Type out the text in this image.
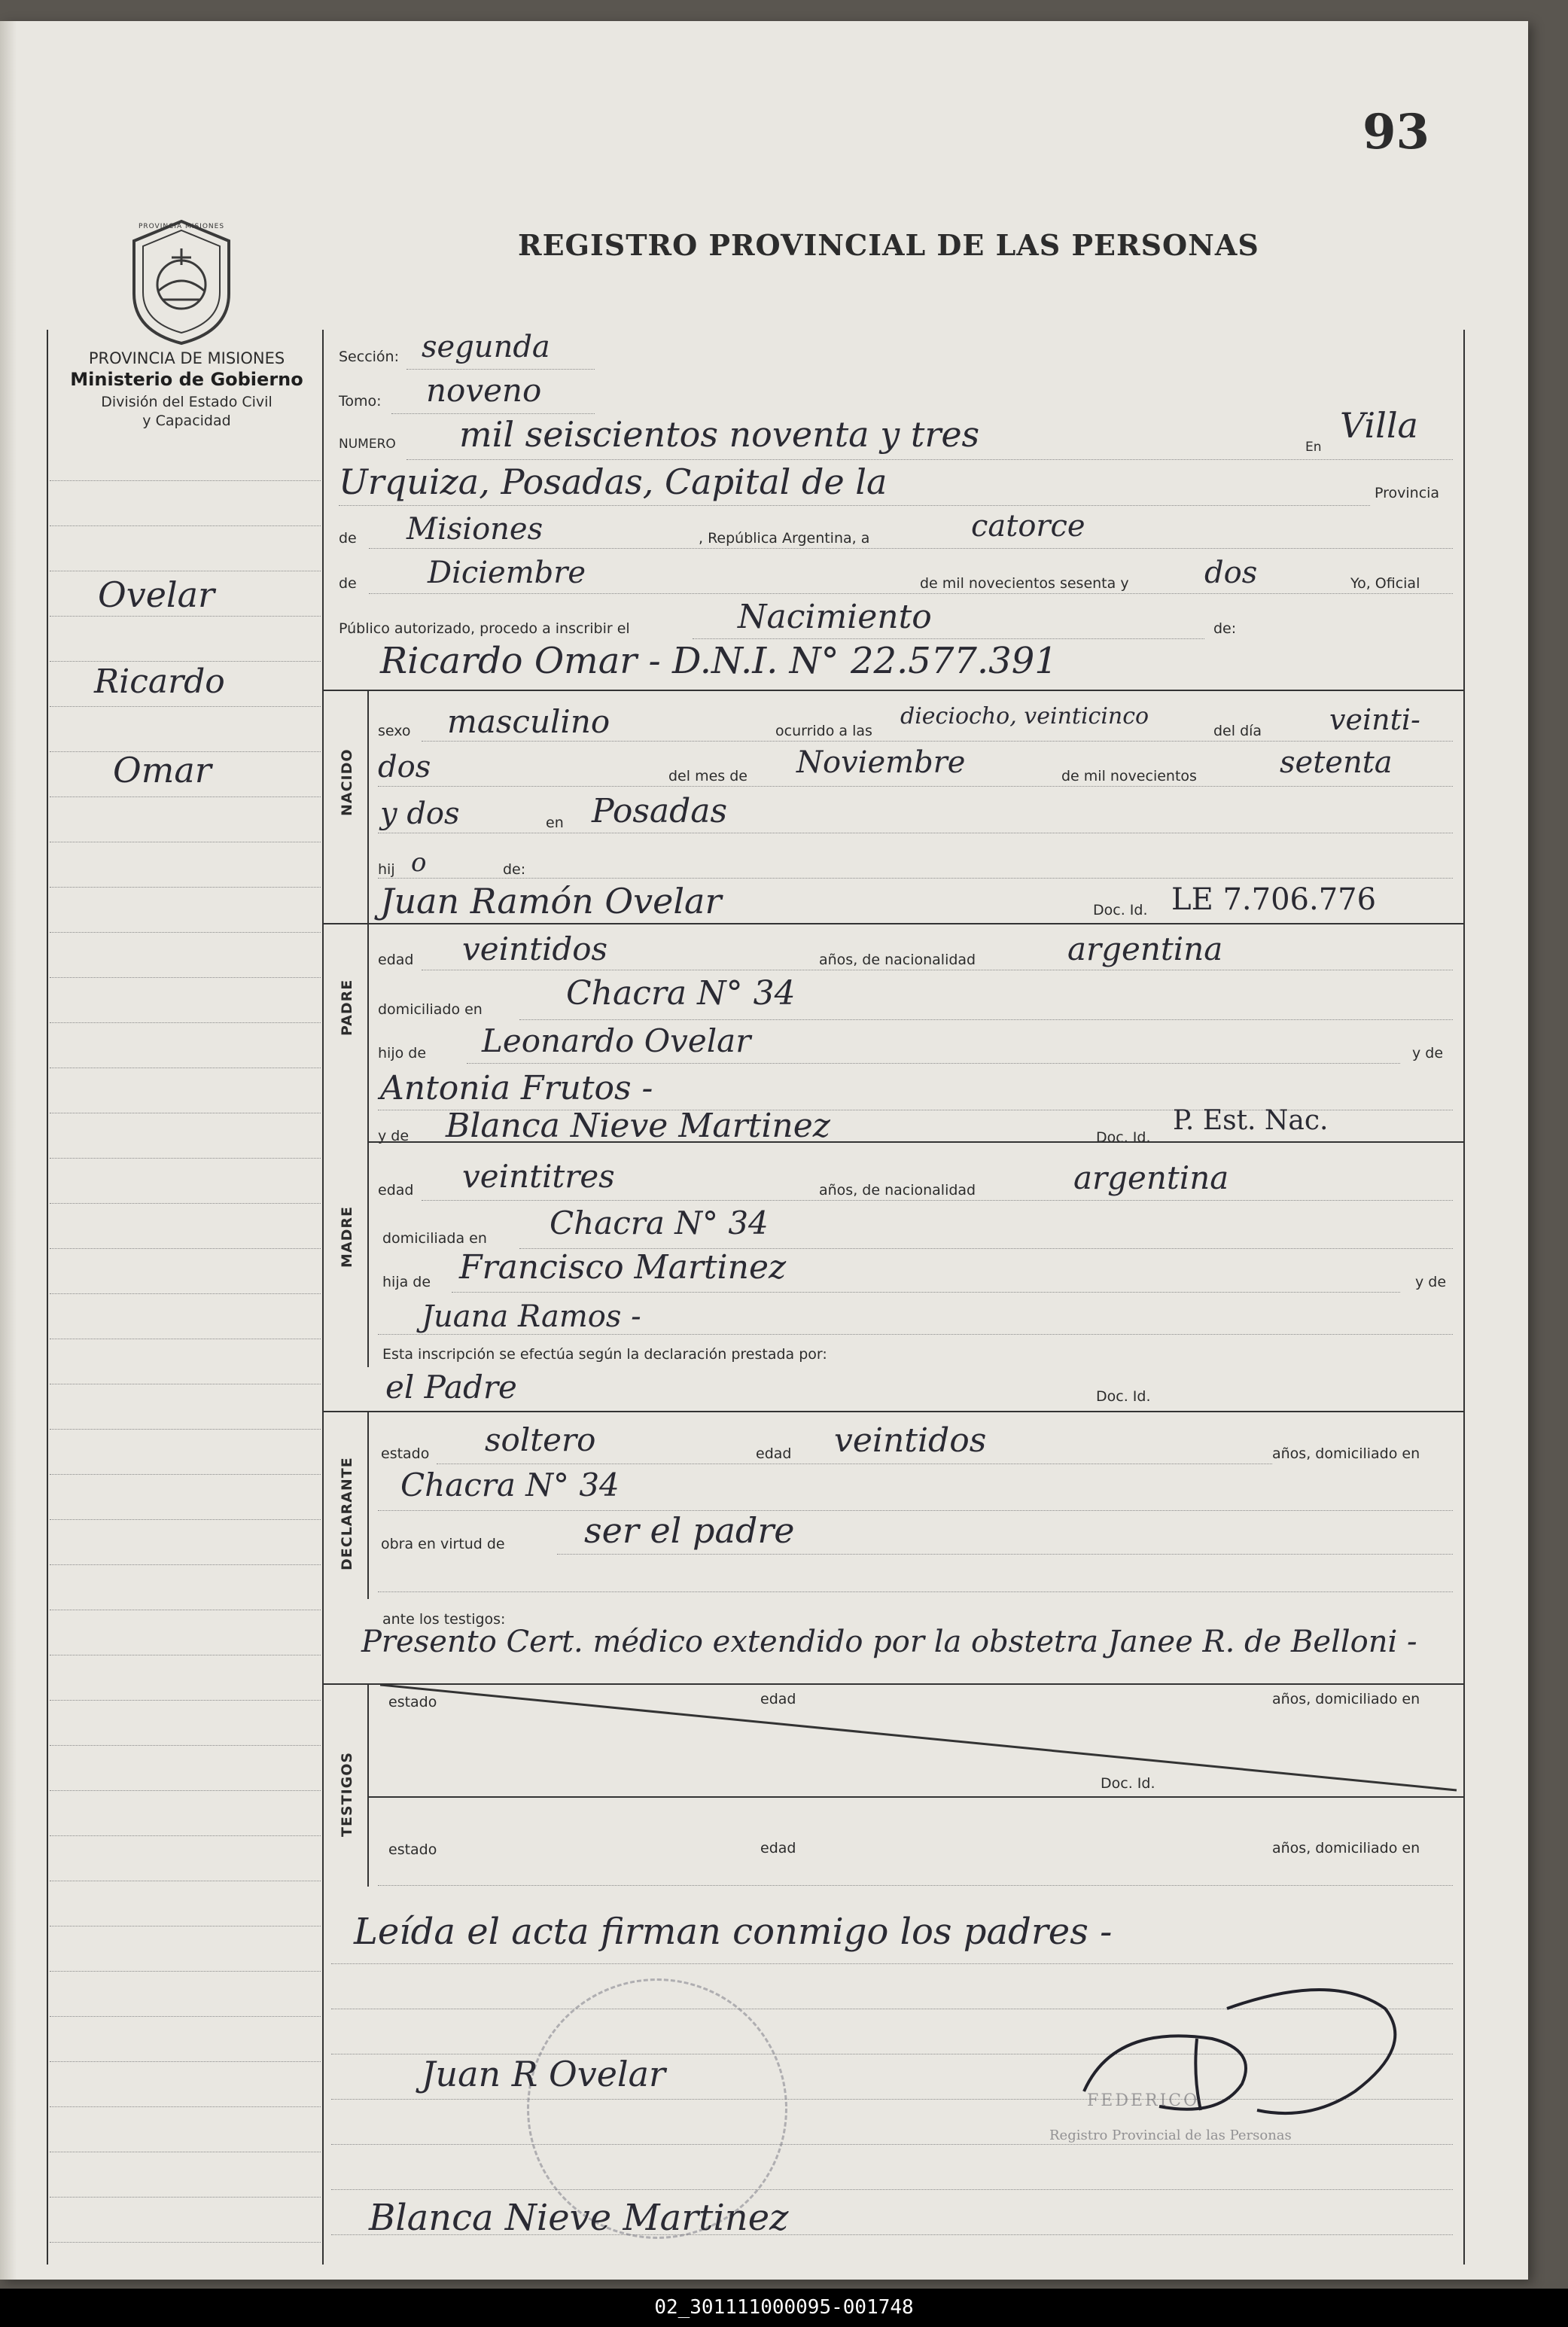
93
REGISTRO PROVINCIAL DE LAS PERSONAS
PROVINCIA MISIONES
PROVINCIA DE MISIONES
Ministerio de Gobierno
División del Estado Civil
y Capacidad
Ovelar
Ricardo
Omar
Sección: segunda
Tomo: noveno
NUMERO mil seiscientos noventa y tres	En
Villa
Urquiza, Posadas, Capital de la	Provincia
de Misiones	, República Argentina, a	catorce
de Diciembre	de mil novecientos sesenta y	dos	Yo, Oficial
Público autorizado, procedo a inscribir el	Nacimiento	de:
Ricardo Omar - D.N.I. N° 22.577.391
NACIDO
sexo masculino	ocurrido a las
dieciocho, veinticinco
del día veinti-
dos	del mes de Noviembre	de mil novecientos	setenta
y dos	en Posadas
hij o	de:
Juan Ramón Ovelar	Doc. Id. LE 7.706.776
PADRE
edad veintidos	años, de nacionalidad	argentina
domiciliado en	Chacra N° 34
hijo de Leonardo Ovelar	y de
Antonia Frutos -
y de Blanca Nieve Martinez	Doc. Id.
P. Est. Nac.
MADRE
edad veintitres	años, de nacionalidad	argentina
domiciliada en Chacra N° 34
hija de Francisco Martinez	y de
Juana Ramos -
Esta inscripción se efectúa según la declaración prestada por:
el Padre	Doc. Id.
DECLARANTE
estado soltero	edad veintidos	años, domiciliado en
Chacra N° 34
obra en virtud de ser el padre
ante los testigos:
Presento Cert. médico extendido por la obstetra Janee R. de Belloni -
TESTIGOS
estado	edad	años, domiciliado en
Doc. Id.
estado	edad	años, domiciliado en
Leída el acta firman conmigo los padres -
FEDERICO
Registro Provincial de las Personas
Juan R Ovelar
Blanca Nieve Martinez
02_301111000095-001748
